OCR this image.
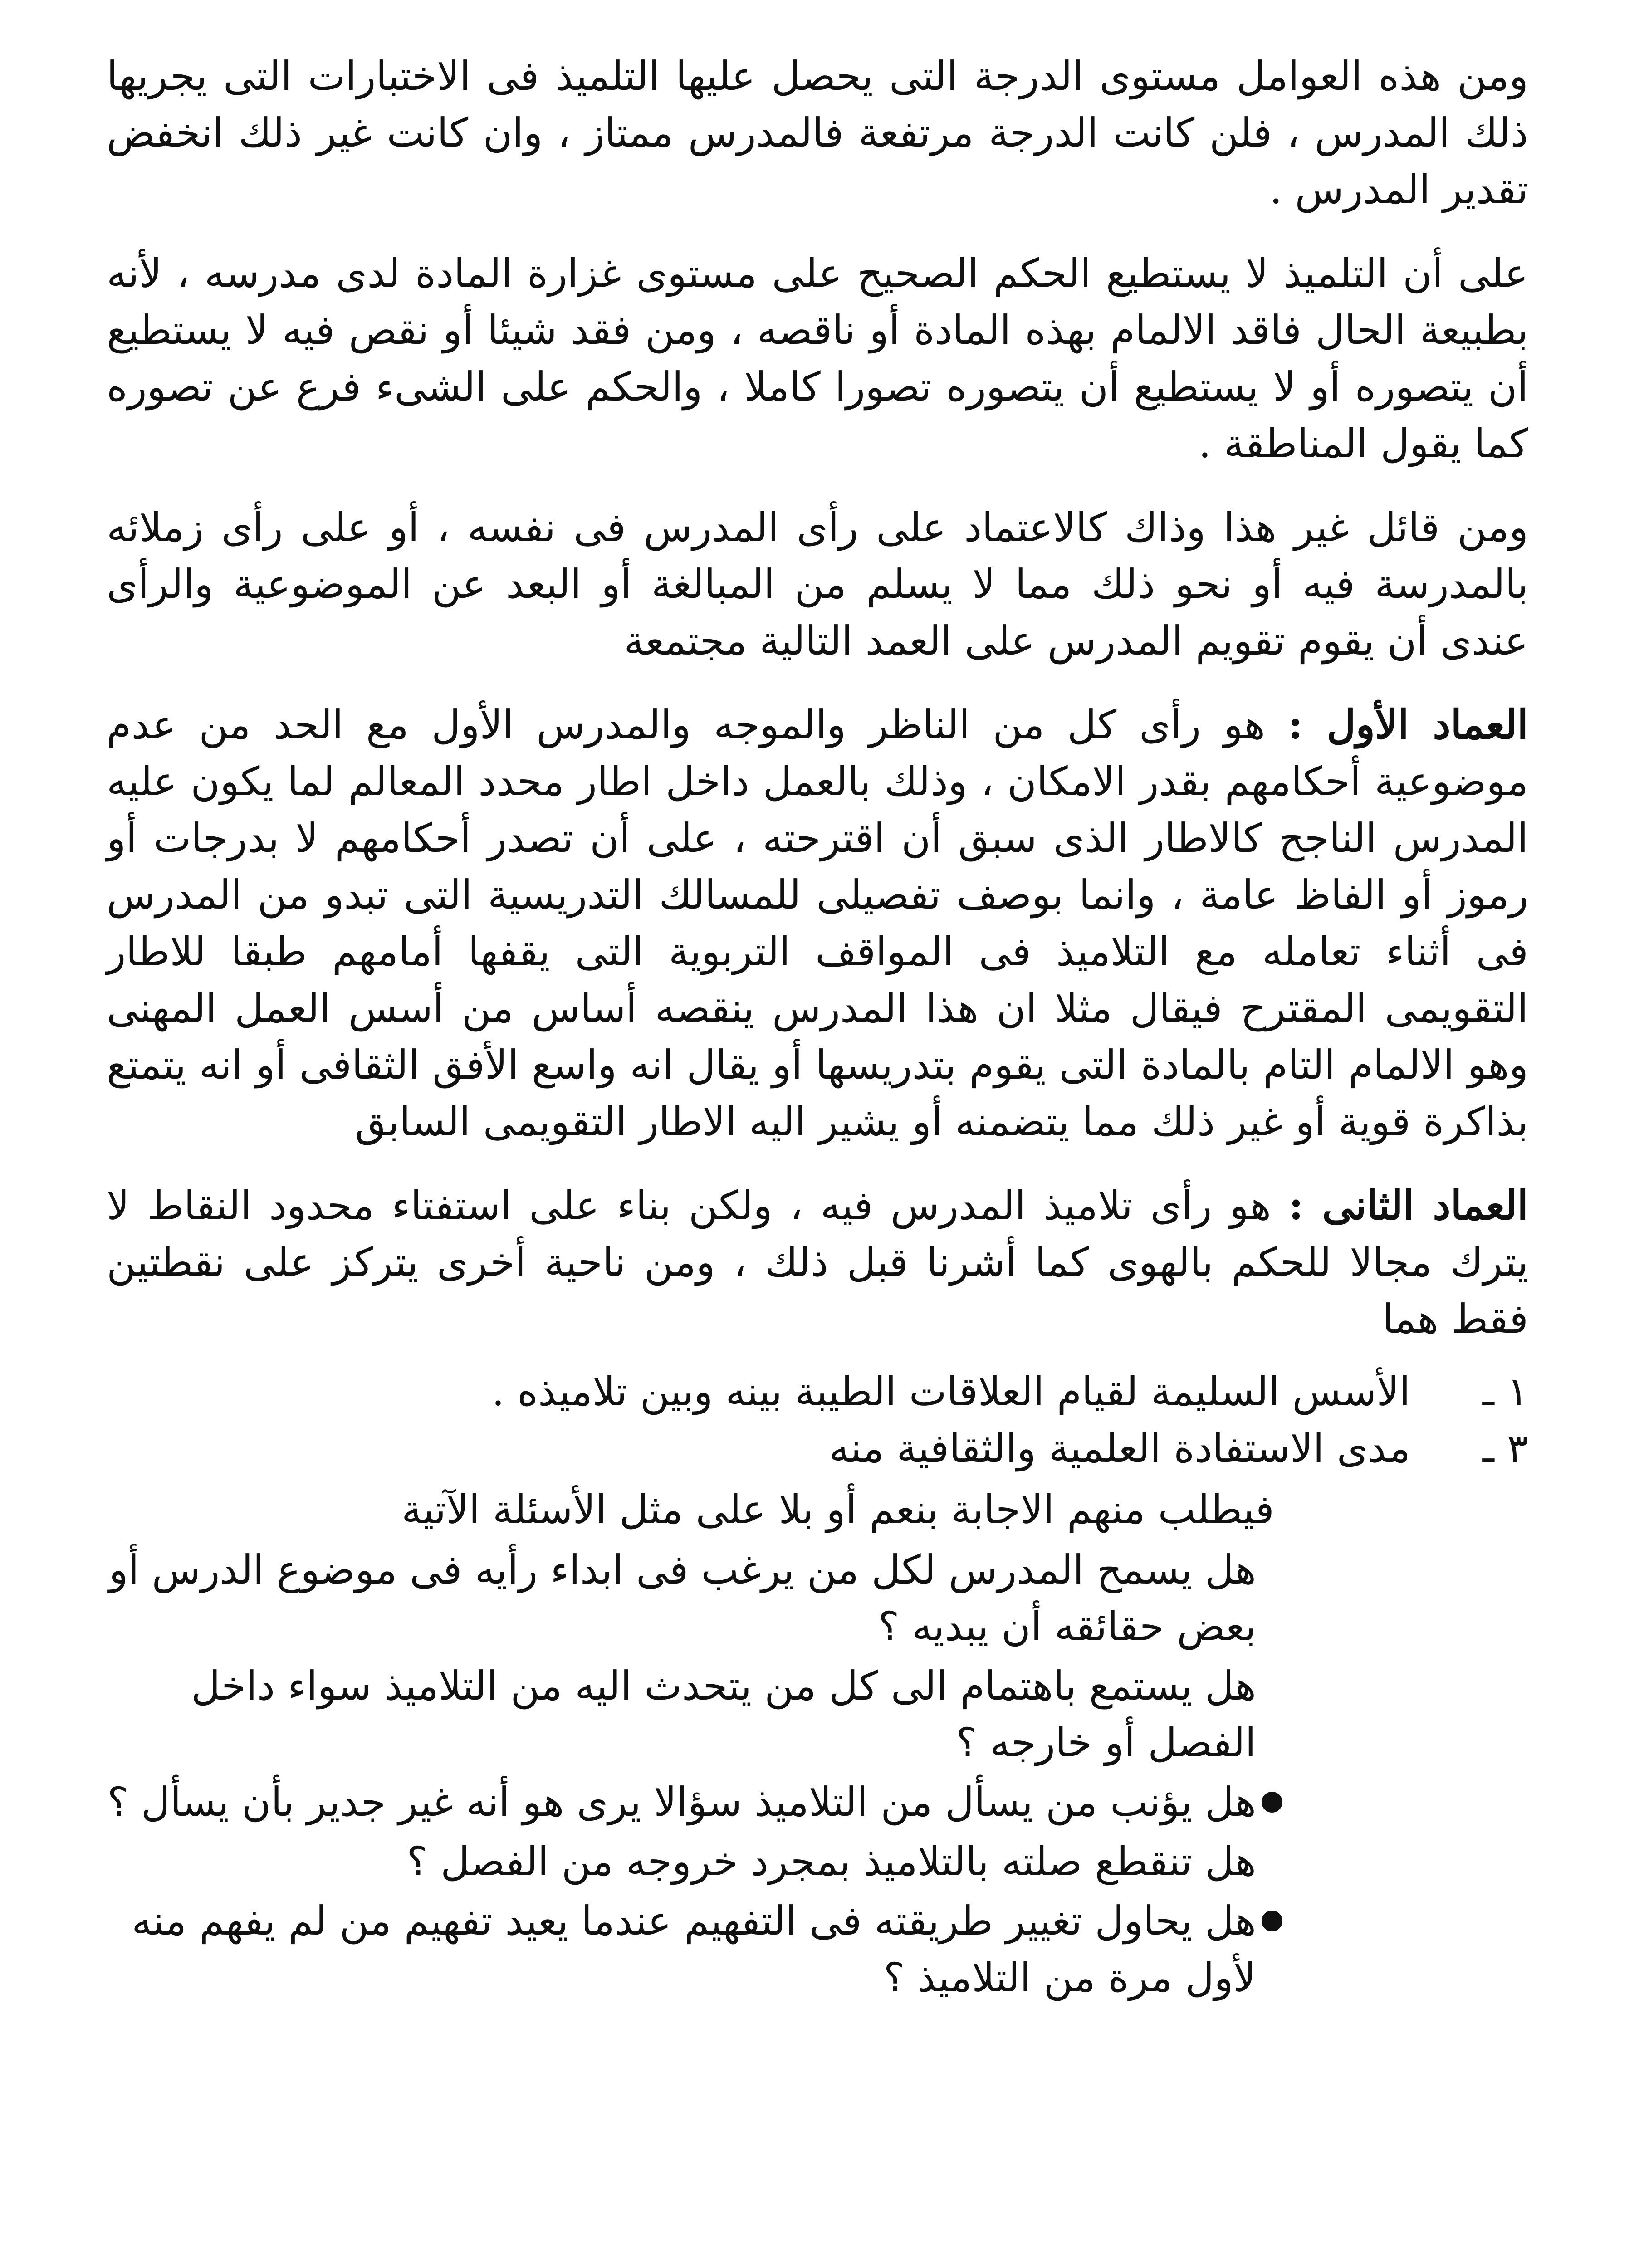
ومن هذه العوامل مستوى الدرجة التى يحصل عليها التلميذ فى الاختبارات التى يجريها ذلك المدرس ، فلن كانت الدرجة مرتفعة فالمدرس ممتاز ، وان كانت غير ذلك انخفض تقدير المدرس .

على أن التلميذ لا يستطيع الحكم الصحيح على مستوى غزارة المادة لدى مدرسه ، لأنه بطبيعة الحال فاقد الالمام بهذه المادة أو ناقصه ، ومن فقد شيئا أو نقص فيه لا يستطيع أن يتصوره أو لا يستطيع أن يتصوره تصورا كاملا ، والحكم على الشىء فرع عن تصوره كما يقول المناطقة .

ومن قائل غير هذا وذاك كالاعتماد على رأى المدرس فى نفسه ، أو على رأى زملائه بالمدرسة فيه أو نحو ذلك مما لا يسلم من المبالغة أو البعد عن الموضوعية والرأى عندى أن يقوم تقويم المدرس على العمد التالية مجتمعة

العماد الأول : هو رأى كل من الناظر والموجه والمدرس الأول مع الحد من عدم موضوعية أحكامهم بقدر الامكان ، وذلك بالعمل داخل اطار محدد المعالم لما يكون عليه المدرس الناجح كالاطار الذى سبق أن اقترحته ، على أن تصدر أحكامهم لا بدرجات أو رموز أو الفاظ عامة ، وانما بوصف تفصيلى للمسالك التدريسية التى تبدو من المدرس فى أثناء تعامله مع التلاميذ فى المواقف التربوية التى يقفها أمامهم طبقا للاطار التقويمى المقترح فيقال مثلا ان هذا المدرس ينقصه أساس من أسس العمل المهنى وهو الالمام التام بالمادة التى يقوم بتدريسها أو يقال انه واسع الأفق الثقافى أو انه يتمتع بذاكرة قوية أو غير ذلك مما يتضمنه أو يشير اليه الاطار التقويمى السابق

العماد الثانى : هو رأى تلاميذ المدرس فيه ، ولكن بناء على استفتاء محدود النقاط لا يترك مجالا للحكم بالهوى كما أشرنا قبل ذلك ، ومن ناحية أخرى يتركز على نقطتين فقط هما

١ ـالأسس السليمة لقيام العلاقات الطيبة بينه وبين تلاميذه .
٣ ـمدى الاستفادة العلمية والثقافية منه
فيطلب منهم الاجابة بنعم أو بلا على مثل الأسئلة الآتية
هل يسمح المدرس لكل من يرغب فى ابداء رأيه فى موضوع الدرس أو بعض حقائقه أن يبديه ؟
هل يستمع باهتمام الى كل من يتحدث اليه من التلاميذ سواء داخل الفصل أو خارجه ؟
هل يؤنب من يسأل من التلاميذ سؤالا يرى هو أنه غير جدير بأن يسأل ؟
هل تنقطع صلته بالتلاميذ بمجرد خروجه من الفصل ؟
هل يحاول تغيير طريقته فى التفهيم عندما يعيد تفهيم من لم يفهم منه لأول مرة من التلاميذ ؟
